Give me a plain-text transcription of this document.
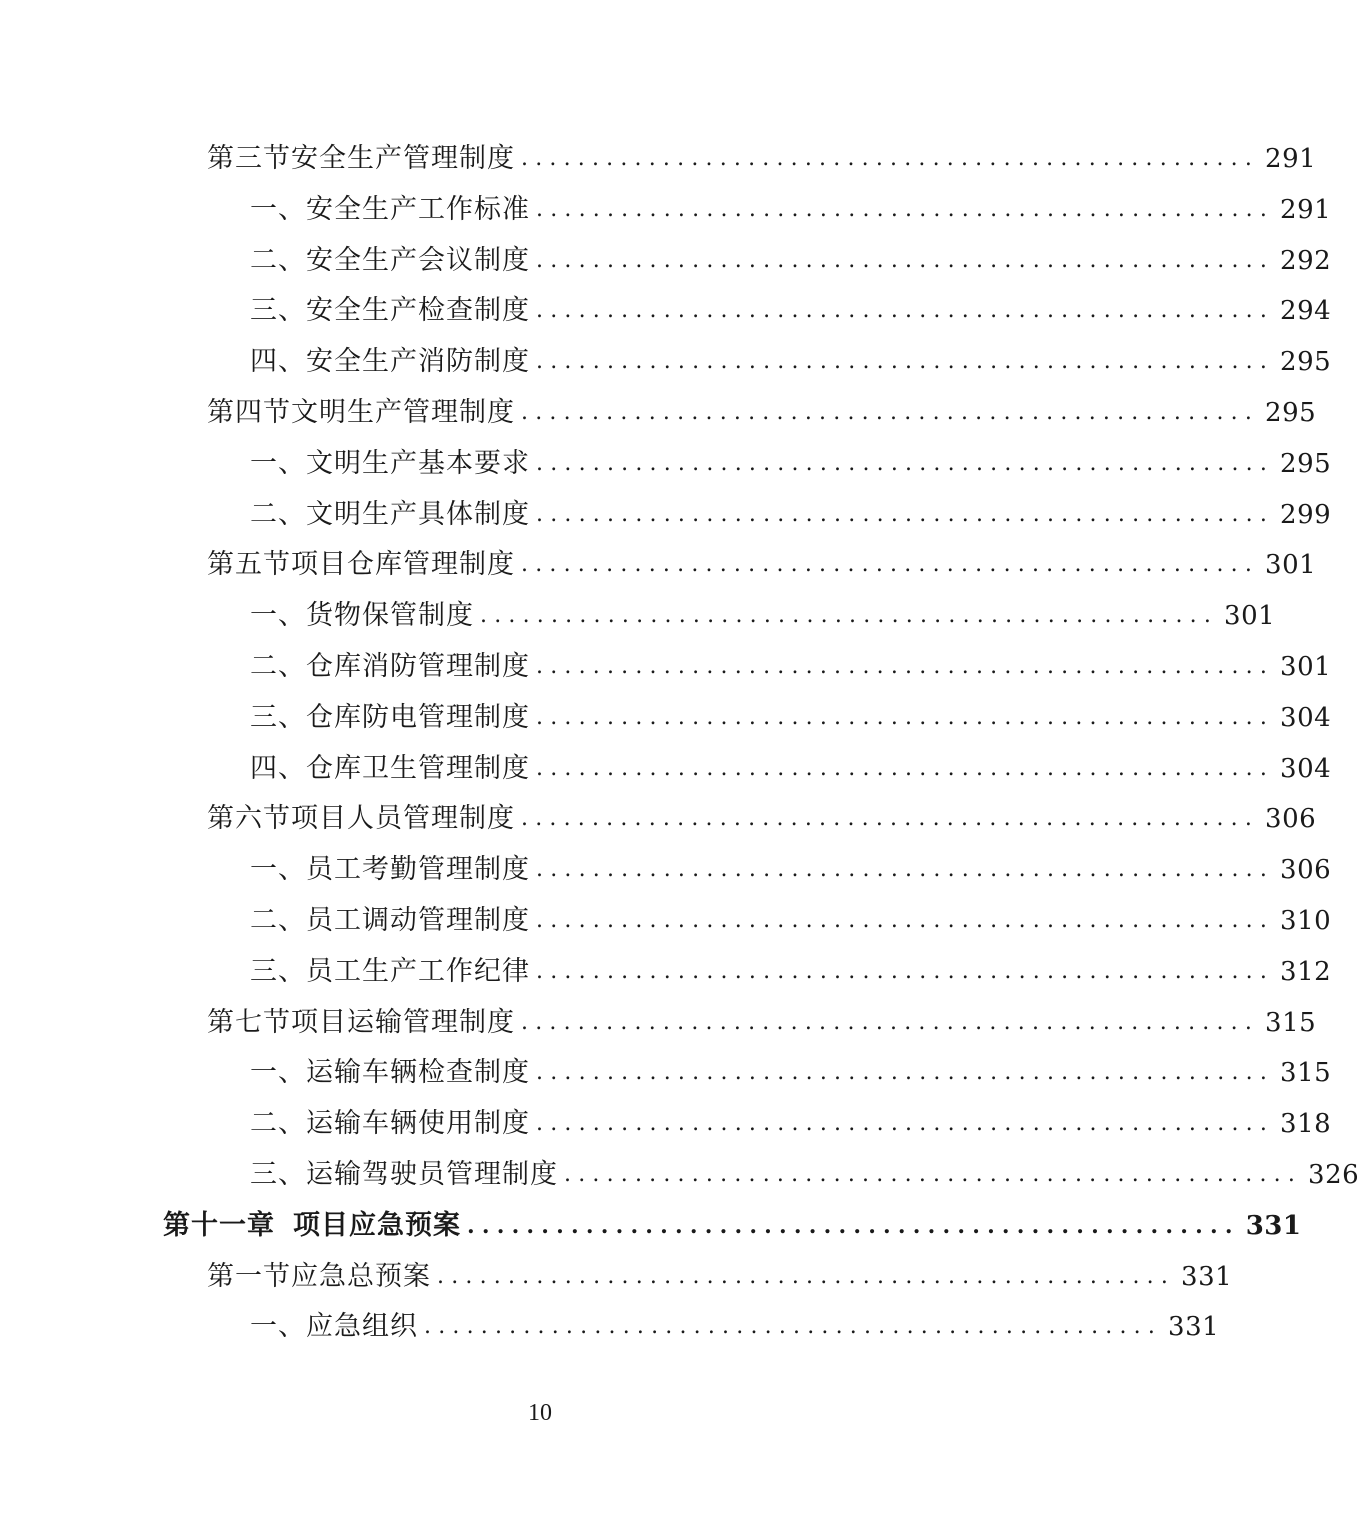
第三节 安全生产管理制度 .................................................... 291
一、 安全生产工作标准 .................................................... 291
二、 安全生产会议制度 .................................................... 292
三、 安全生产检查制度 .................................................... 294
四、 安全生产消防制度 .................................................... 295
第四节 文明生产管理制度 .................................................... 295
一、 文明生产基本要求 .................................................... 295
二、 文明生产具体制度 .................................................... 299
第五节 项目仓库管理制度 .................................................... 301
一、 货物保管制度 .................................................... 301
二、 仓库消防管理制度 .................................................... 301
三、 仓库防电管理制度 .................................................... 304
四、 仓库卫生管理制度 .................................................... 304
第六节 项目人员管理制度 .................................................... 306
一、 员工考勤管理制度 .................................................... 306
二、 员工调动管理制度 .................................................... 310
三、 员工生产工作纪律 .................................................... 312
第七节 项目运输管理制度 .................................................... 315
一、 运输车辆检查制度 .................................................... 315
二、 运输车辆使用制度 .................................................... 318
三、 运输驾驶员管理制度 .................................................... 326
第十一章 项目应急预案 .................................................... 331
第一节 应急总预案 .................................................... 331
一、 应急组织 .................................................... 331
10
